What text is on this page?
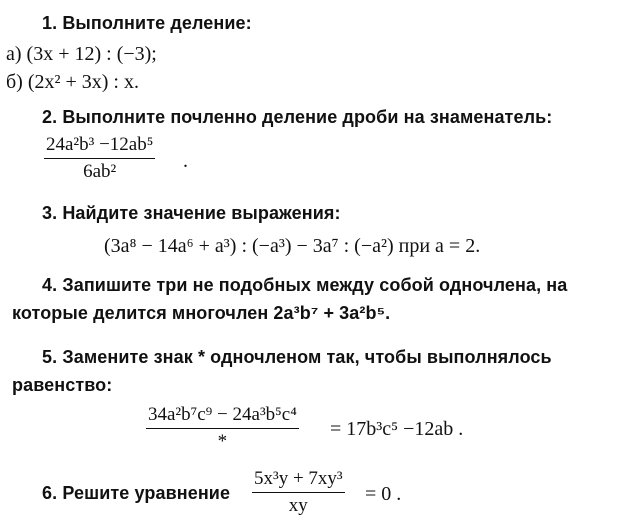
1. Выполните деление:
а) (3x + 12) : (−3);
б) (2x² + 3x) : x.
2. Выполните почленно деление дроби на знаменатель:
$\frac{\text{24a²b³ −12ab⁵}}{\text{6ab²}}$ .
3. Найдите значение выражения:
(3a⁸ − 14a⁶ + a³) : (−a³) − 3a⁷ : (−a²) при a = 2.
4. Запишите три не подобных между собой одночлена, на
которые делится многочлен 2a³b⁷ + 3a²b⁵.
5. Замените знак * одночленом так, чтобы выполнялось
равенство:
34a²b⁷c⁹ − 24a³b⁵c⁴
*
= 17b³c⁵ −12ab .
6. Решите уравнение $\frac{\text{5x³y + 7xy³}}{xy} = 0$ .
